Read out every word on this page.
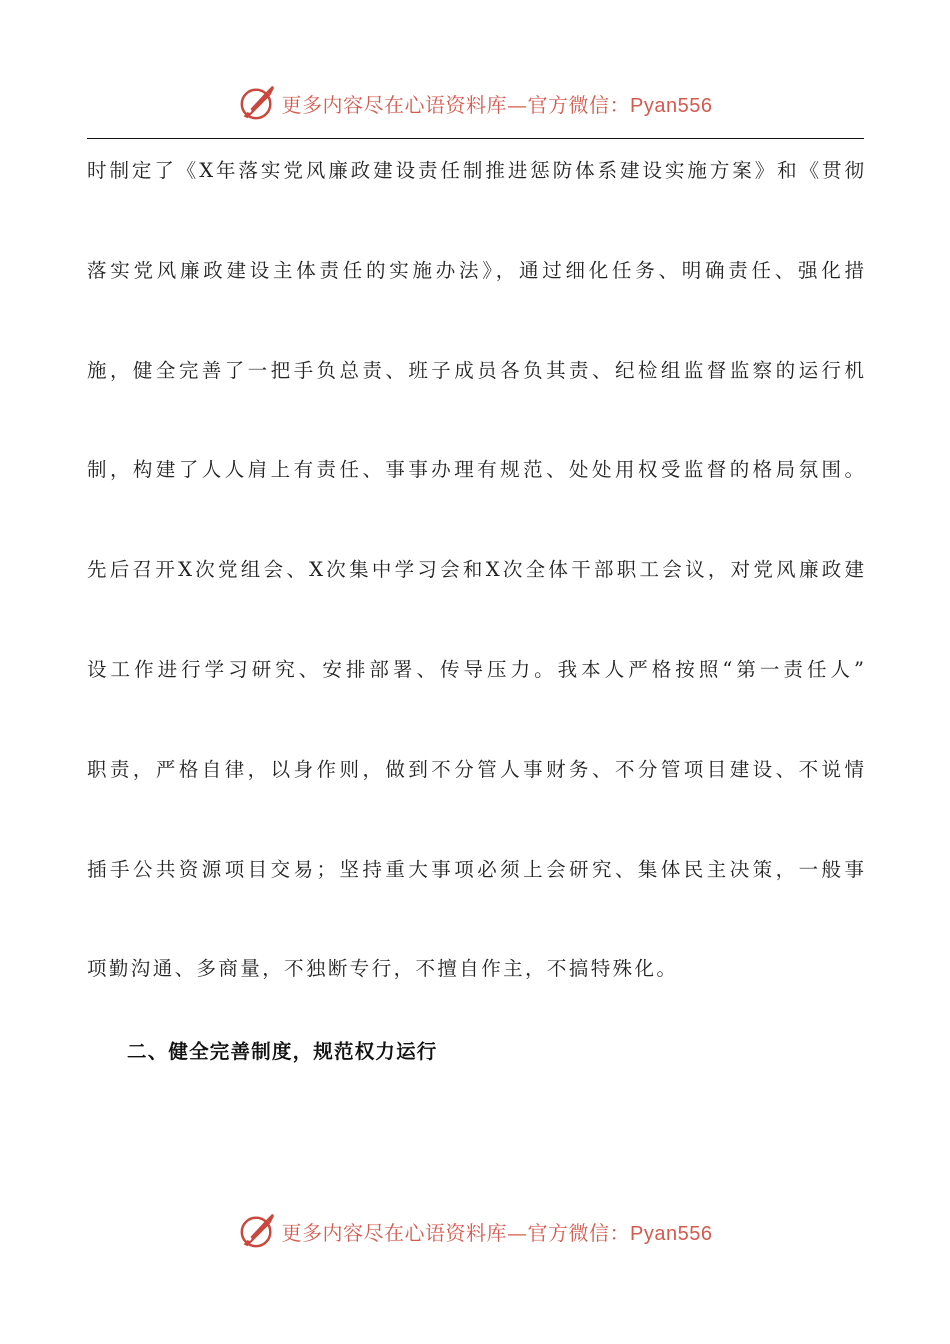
更多内容尽在心语资料库—官方微信：Pyan556
时制定了《X年落实党风廉政建设责任制推进惩防体系建设实施方案》和《贯彻
落实党风廉政建设主体责任的实施办法》，通过细化任务、明确责任、强化措
施，健全完善了一把手负总责、班子成员各负其责、纪检组监督监察的运行机
制，构建了人人肩上有责任、事事办理有规范、处处用权受监督的格局氛围。
先后召开X次党组会、X次集中学习会和X次全体干部职工会议，对党风廉政建
设工作进行学习研究、安排部署、传导压力。我本人严格按照“第一责任人”
职责，严格自律，以身作则，做到不分管人事财务、不分管项目建设、不说情
插手公共资源项目交易；坚持重大事项必须上会研究、集体民主决策，一般事
项勤沟通、多商量，不独断专行，不擅自作主，不搞特殊化。
二、健全完善制度，规范权力运行
更多内容尽在心语资料库—官方微信：Pyan556
